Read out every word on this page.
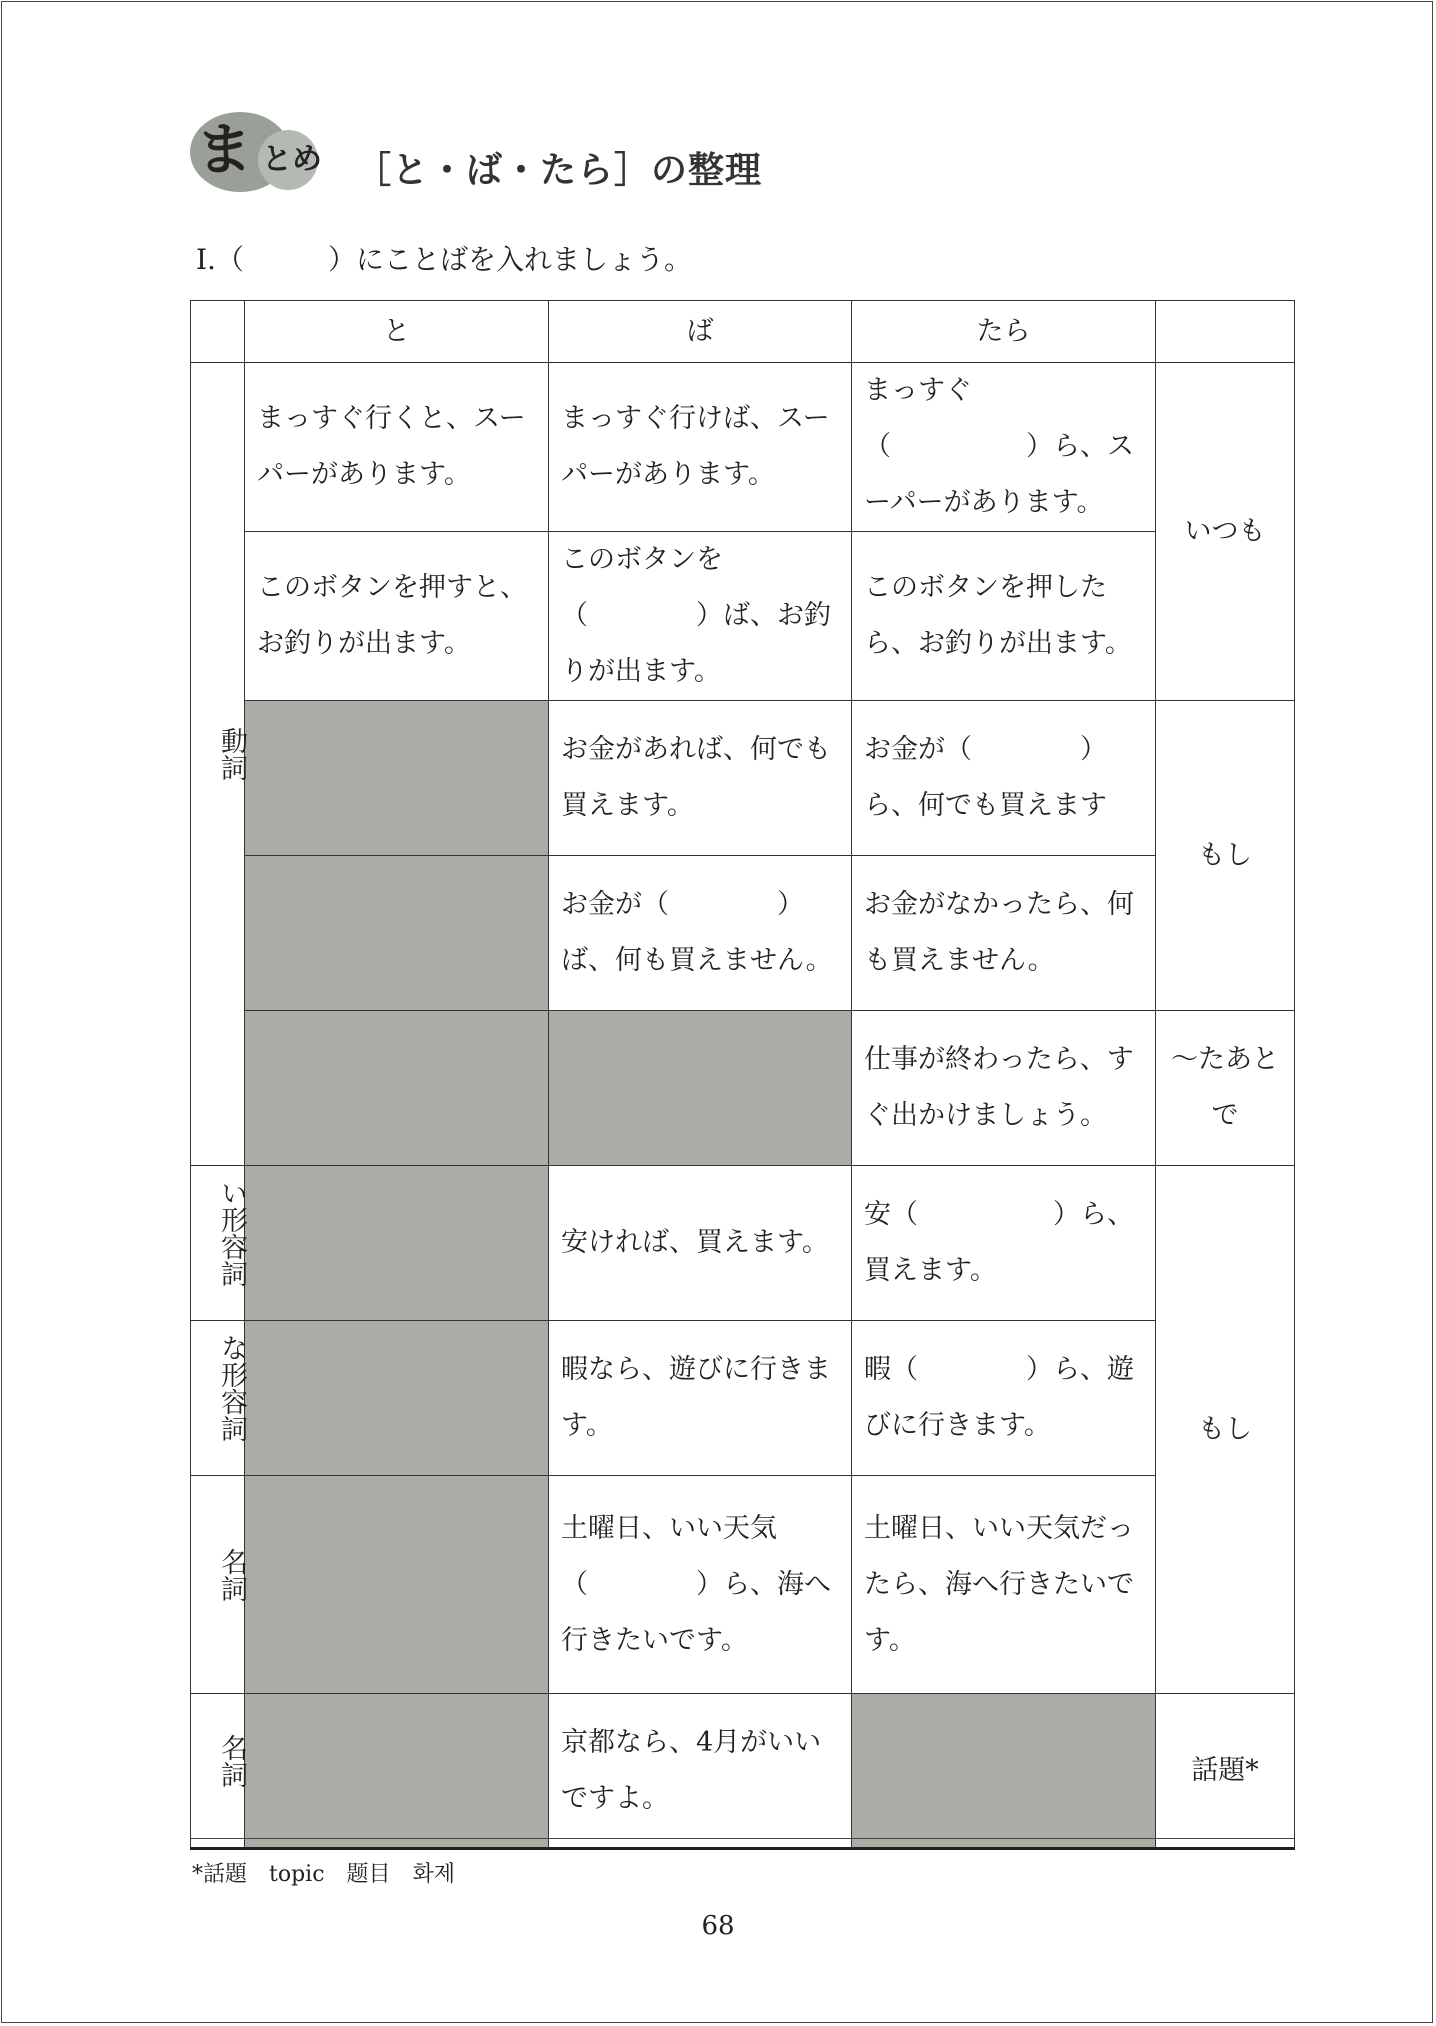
ま とめ ［と・ば・たら］の整理
Ⅰ.（　　　）にことばを入れましょう。
	と	ば	たら	
動詞	まっすぐ行くと、スーパーがあります。	まっすぐ行けば、スーパーがあります。	まっすぐ（　　　　　）ら、スーパーがあります。	いつも
	このボタンを押すと、お釣りが出ます。	このボタンを（　　　　）ば、お釣りが出ます。	このボタンを押したら、お釣りが出ます。	
		お金があれば、何でも買えます。	お金が（　　　　）ら、何でも買えます	もし
		お金が（　　　　）ば、何も買えません。	お金がなかったら、何も買えません。	
			仕事が終わったら、すぐ出かけましょう。	〜たあとで
い形容詞		安ければ、買えます。	安（　　　　　）ら、買えます。	もし
な形容詞		暇なら、遊びに行きます。	暇（　　　　）ら、遊びに行きます。	
名詞		土曜日、いい天気（　　　　）ら、海へ行きたいです。	土曜日、いい天気だったら、海へ行きたいです。	
名詞		京都なら、4月がいいですよ。		話題*
*話題　topic　题目　화제
68
